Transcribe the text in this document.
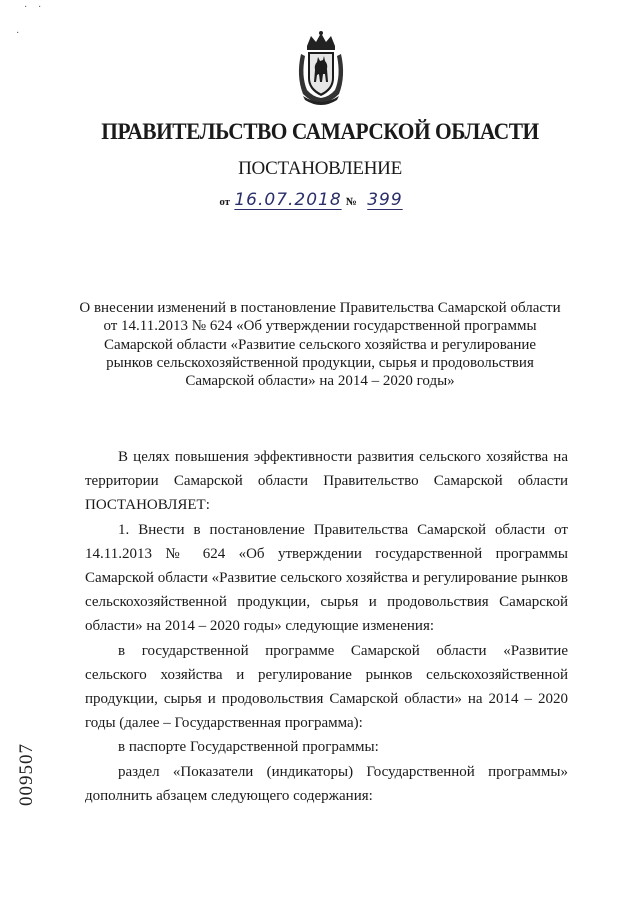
· ·
·
ПРАВИТЕЛЬСТВО САМАРСКОЙ ОБЛАСТИ
ПОСТАНОВЛЕНИЕ
от 16.07.2018 № 399
О внесении изменений в постановление Правительства Самарской области
от 14.11.2013 № 624 «Об утверждении государственной программы
Самарской области «Развитие сельского хозяйства и регулирование
рынков сельскохозяйственной продукции, сырья и продовольствия
Самарской области» на 2014 – 2020 годы»

В целях повышения эффективности развития сельского хозяйства на территории Самарской области Правительство Самарской области ПОСТАНОВЛЯЕТ:

1. Внести в постановление Правительства Самарской области от 14.11.2013 № 624 «Об утверждении государственной программы Самарской области «Развитие сельского хозяйства и регулирование рынков сельскохозяйственной продукции, сырья и продовольствия Самарской области» на 2014 – 2020 годы» следующие изменения:

в государственной программе Самарской области «Развитие сельского хозяйства и регулирование рынков сельскохозяйственной продукции, сырья и продовольствия Самарской области» на 2014 – 2020 годы (далее – Государственная программа):

в паспорте Государственной программы:

раздел «Показатели (индикаторы) Государственной программы» дополнить абзацем следующего содержания:

009507
